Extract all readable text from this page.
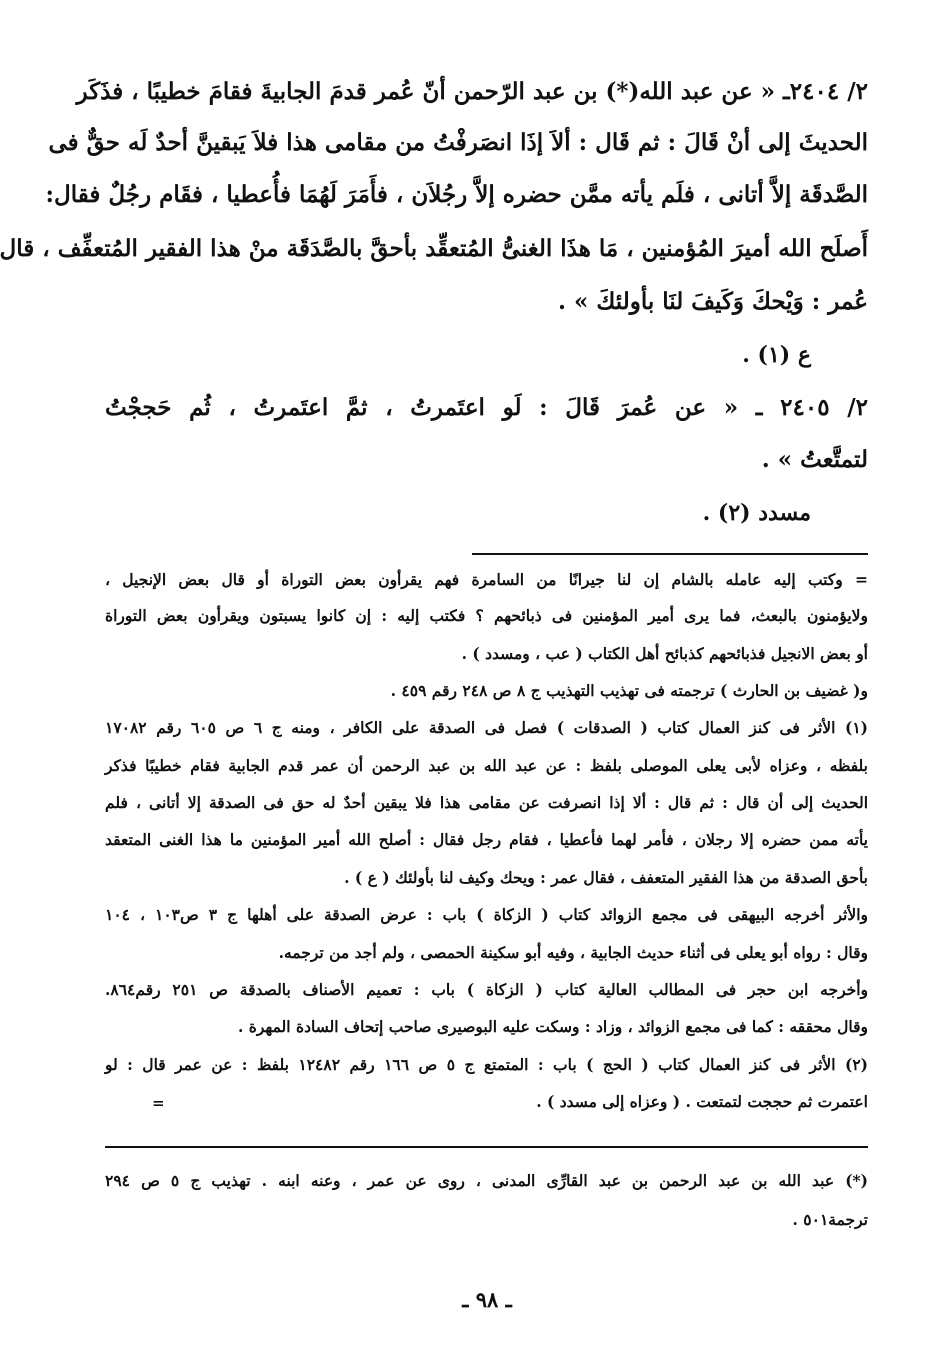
٢/ ٢٤٠٤ـ « عن عبد الله(*) بن عبد الرّحمن أنّ عُمر قدمَ الجابيةَ فقامَ خطيبًا ، فذَكَر
الحديثَ إلى أنْ قَالَ : ثم قَال : ألاَ إذَا انصَرفْتُ من مقامى هذا فلاَ يَبقينَّ أحدٌ لَه حقٌّ فى
الصَّدقَة إلاَّ أتانى ، فلَم يأته ممَّن حضره إلاَّ رجُلاَن ، فأَمَرَ لَهُمَا فأُعطيا ، فقَام رجُلٌ فقال:
أَصلَح الله أميرَ المُؤمنين ، مَا هذَا الغنىُّ المُتعقِّد بأحقَّ بالصَّدَقَة منْ هذا الفقير المُتعفِّف ، قال
عُمر : وَيْحكَ وَكَيفَ لنَا بأولئكَ » .
ع (١) .
٢/ ٢٤٠٥ ـ « عن عُمرَ قَالَ : لَو اعتَمرتُ ، ثمَّ اعتَمرتُ ، ثُم حَججْتُ
لتمتَّعتُ » .
مسدد (٢) .
= وكتب إليه عامله بالشام إن لنا جيرانًا من السامرة فهم يقرأون بعض التوراة أو قال بعض الإنجيل ،
ولايؤمنون بالبعث، فما يرى أمير المؤمنين فى ذبائحهم ؟ فكتب إليه : إن كانوا يسبتون ويقرأون بعض التوراة
أو بعض الانجيل فذبائحهم كذبائح أهل الكتاب ( عب ، ومسدد ) .
و( غضيف بن الحارث ) ترجمته فى تهذيب التهذيب ج ٨ ص ٢٤٨ رقم ٤٥٩ .
(١) الأثر فى كنز العمال كتاب ( الصدقات ) فصل فى الصدقة على الكافر ، ومنه ج ٦ ص ٦٠٥ رقم ١٧٠٨٢
بلفظه ، وعزاه لأبى يعلى الموصلى بلفظ : عن عبد الله بن عبد الرحمن أن عمر قدم الجابية فقام خطيبًا فذكر
الحديث إلى أن قال : ثم قال : ألا إذا انصرفت عن مقامى هذا فلا يبقين أحدٌ له حق فى الصدقة إلا أتانى ، فلم
يأته ممن حضره إلا رجلان ، فأمر لهما فأعطيا ، فقام رجل فقال : أصلح الله أمير المؤمنين ما هذا الغنى المتعقد
بأحق الصدقة من هذا الفقير المتعفف ، فقال عمر : ويحك وكيف لنا بأولئك ( ع ) .
والأثر أخرجه البيهقى فى مجمع الزوائد كتاب ( الزكاة ) باب : عرض الصدقة على أهلها ج ٣ ص١٠٣ ، ١٠٤
وقال : رواه أبو يعلى فى أثناء حديث الجابية ، وفيه أبو سكينة الحمصى ، ولم أجد من ترجمه.
وأخرجه ابن حجر فى المطالب العالية كتاب ( الزكاة ) باب : تعميم الأصناف بالصدقة ص ٢٥١ رقم٨٦٤.
وقال محققه : كما فى مجمع الزوائد ، وزاد : وسكت عليه البوصيرى صاحب إتحاف السادة المهرة .
(٢) الأثر فى كنز العمال كتاب ( الحج ) باب : المتمتع ج ٥ ص ١٦٦ رقم ١٢٤٨٢ بلفظ : عن عمر قال : لو
اعتمرت ثم حججت لتمتعت . ( وعزاه إلى مسدد ) .
=
(*) عبد الله بن عبد الرحمن بن عبد القارِّى المدنى ، روى عن عمر ، وعنه ابنه . تهذيب ج ٥ ص ٢٩٤
ترجمة٥٠١ .
ـ ٩٨ ـ
